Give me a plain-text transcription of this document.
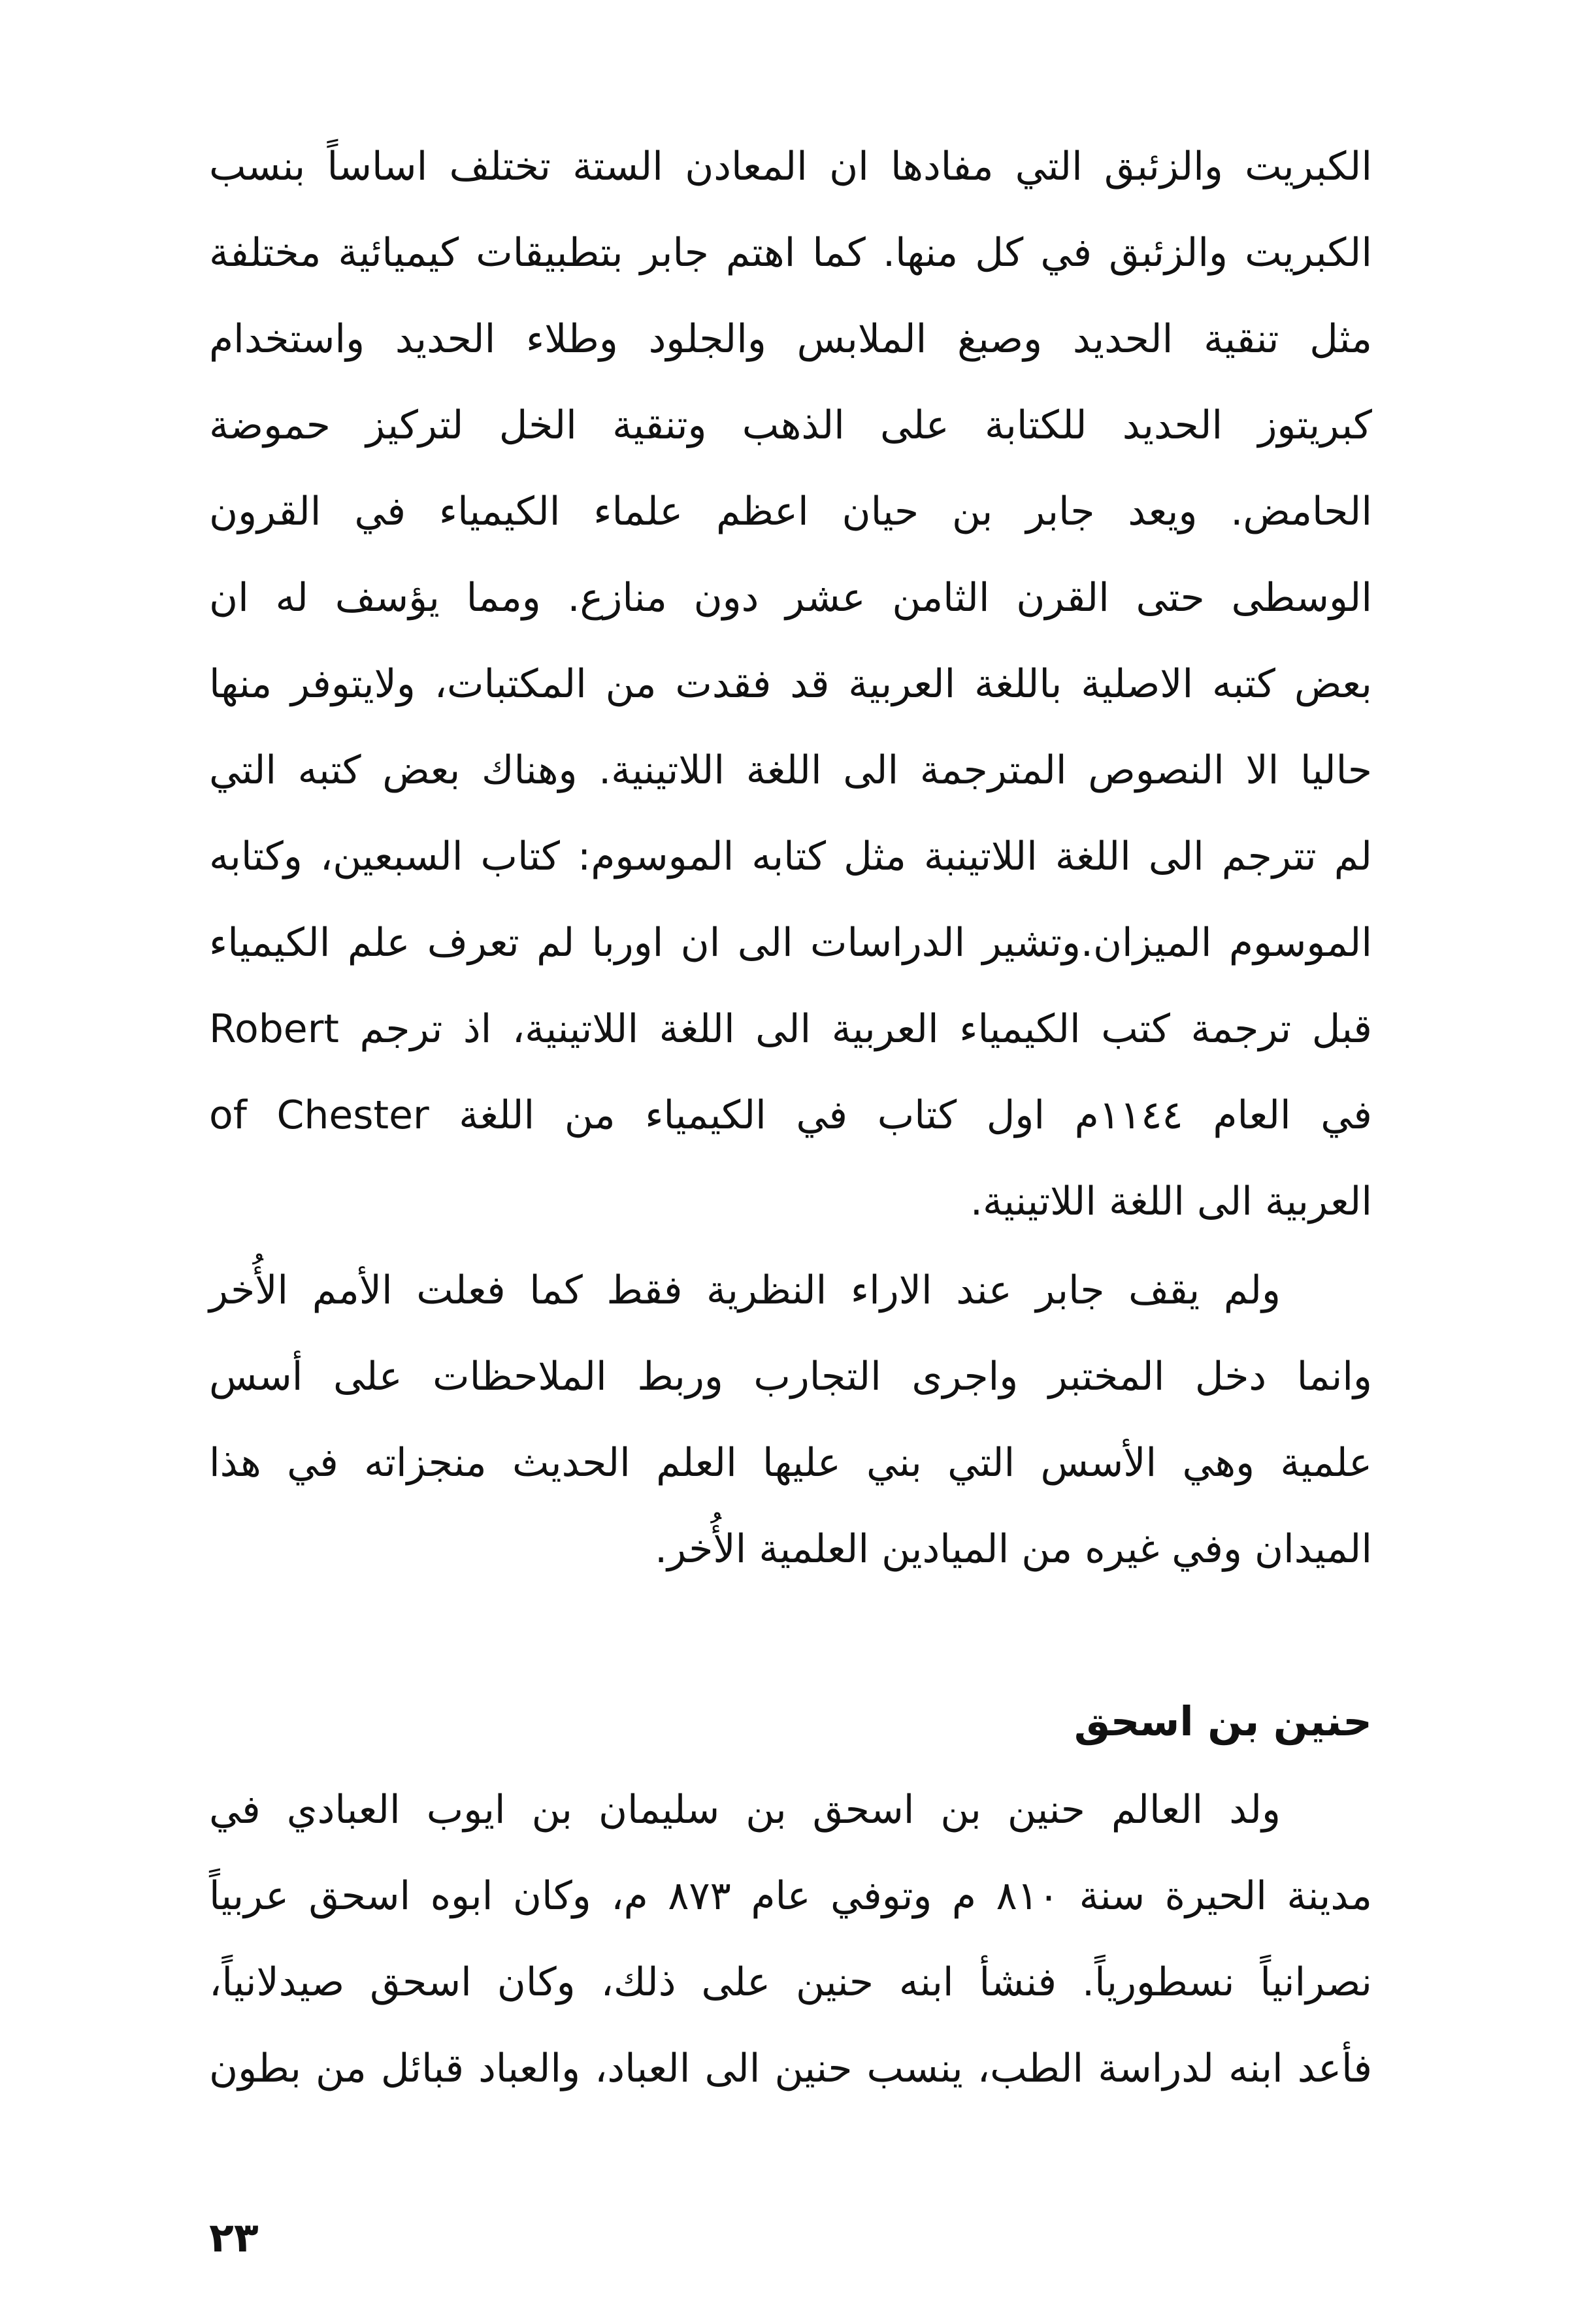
الكبريت والزئبق التي مفادها ان المعادن الستة تختلف اساساً بنسب
الكبريت والزئبق في كل منها. كما اهتم جابر بتطبيقات كيميائية مختلفة
مثل تنقية الحديد وصبغ الملابس والجلود وطلاء الحديد واستخدام
كبريتوز الحديد للكتابة على الذهب وتنقية الخل لتركيز حموضة
الحامض. ويعد جابر بن حيان اعظم علماء الكيمياء في القرون
الوسطى حتى القرن الثامن عشر دون منازع. ومما يؤسف له ان
بعض كتبه الاصلية باللغة العربية قد فقدت من المكتبات، ولايتوفر منها
حاليا الا النصوص المترجمة الى اللغة اللاتينية. وهناك بعض كتبه التي
لم تترجم الى اللغة اللاتينبة مثل كتابه الموسوم: كتاب السبعين، وكتابه
الموسوم الميزان.وتشير الدراسات الى ان اوربا لم تعرف علم الكيمياء
قبل ترجمة كتب الكيمياء العربية الى اللغة اللاتينية، اذ ترجم Robert
of Chester في العام ١١٤٤م اول كتاب في الكيمياء من اللغة
العربية الى اللغة اللاتينية.
ولم يقف جابر عند الاراء النظرية فقط كما فعلت الأمم الأُخر
وانما دخل المختبر واجرى التجارب وربط الملاحظات على أسس
علمية وهي الأسس التي بني عليها العلم الحديث منجزاته في هذا
الميدان وفي غيره من الميادين العلمية الأُخر.
حنين بن اسحق
ولد العالم حنين بن اسحق بن سليمان بن ايوب العبادي في
مدينة الحيرة سنة ٨١٠ م وتوفي عام ٨٧٣ م، وكان ابوه اسحق عربياً
نصرانياً نسطورياً. فنشأ ابنه حنين على ذلك، وكان اسحق صيدلانياً،
فأعد ابنه لدراسة الطب، ينسب حنين الى العباد، والعباد قبائل من بطون
٢٣
